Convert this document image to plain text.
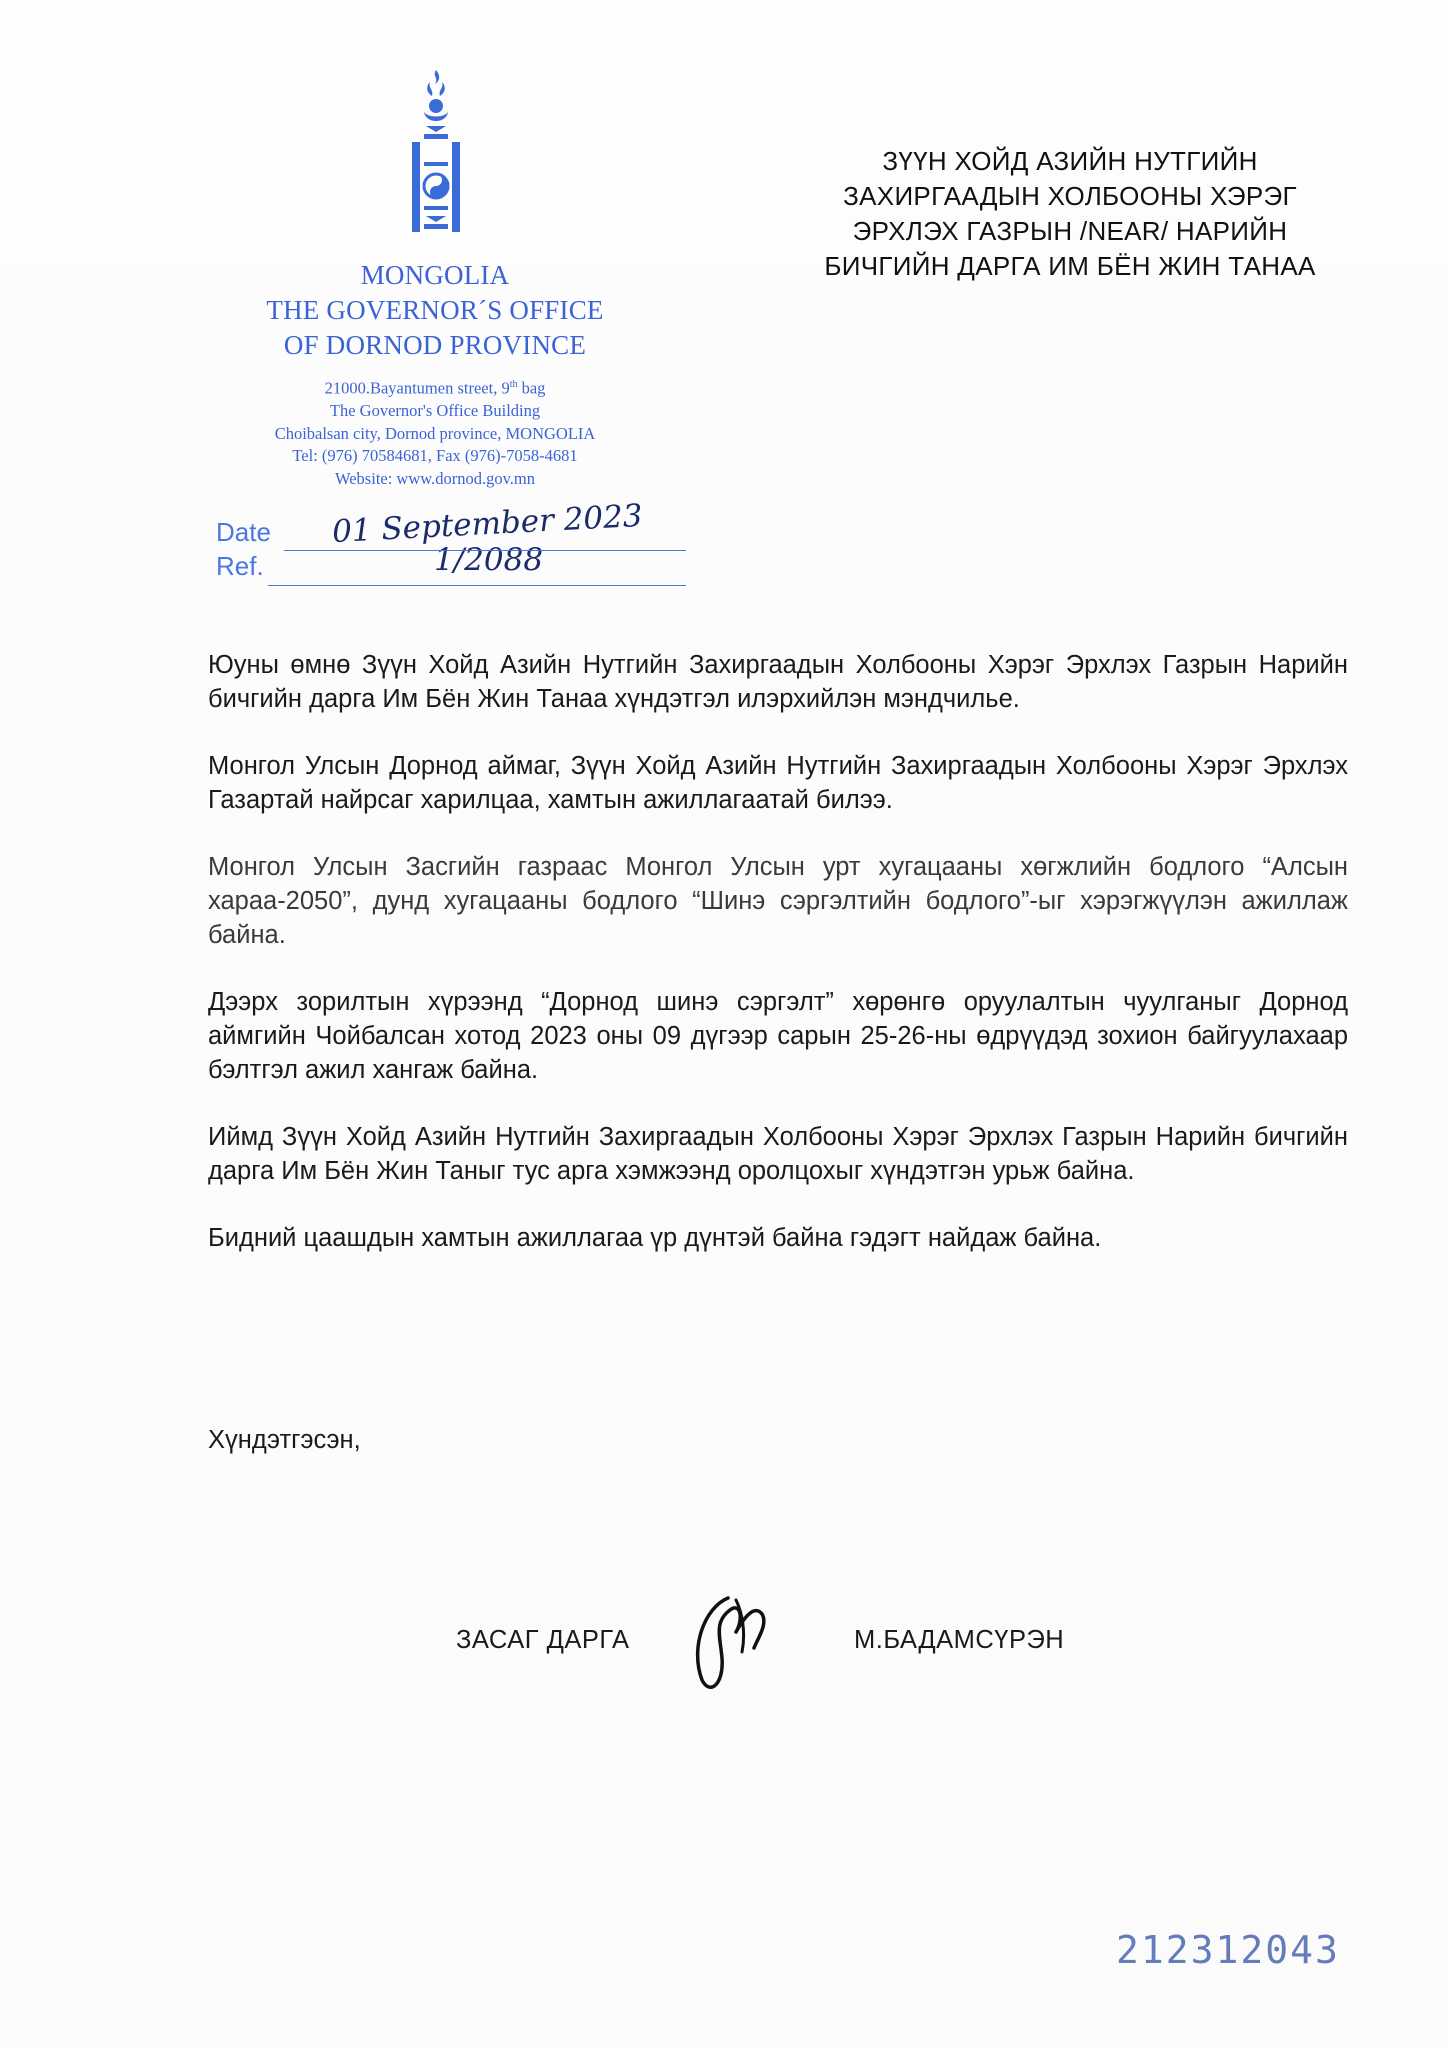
MONGOLIA
THE GOVERNOR´S OFFICE
OF DORNOD PROVINCE
21000.Bayantumen street, 9th bag
The Governor's Office Building
Choibalsan city, Dornod province, MONGOLIA
Tel: (976) 70584681, Fax (976)-7058-4681
Website: www.dornod.gov.mn
ЗҮҮН ХОЙД АЗИЙН НУТГИЙН
ЗАХИРГААДЫН ХОЛБООНЫ ХЭРЭГ
ЭРХЛЭХ ГАЗРЫН /NEAR/ НАРИЙН
БИЧГИЙН ДАРГА ИМ БЁН ЖИН ТАНАА
Date
Ref.
01 September 2023
1/2088

Юуны өмнө Зүүн Хойд Азийн Нутгийн Захиргаадын Холбооны Хэрэг Эрхлэх Газрын Нарийн бичгийн дарга Им Бён Жин Танаа хүндэтгэл илэрхийлэн мэндчилье.

Монгол Улсын Дорнод аймаг, Зүүн Хойд Азийн Нутгийн Захиргаадын Холбооны Хэрэг Эрхлэх Газартай найрсаг харилцаа, хамтын ажиллагаатай билээ.

Монгол Улсын Засгийн газраас Монгол Улсын урт хугацааны хөгжлийн бодлого “Алсын хараа-2050”, дунд хугацааны бодлого “Шинэ сэргэлтийн бодлого”-ыг хэрэгжүүлэн ажиллаж байна.

Дээрх зорилтын хүрээнд “Дорнод шинэ сэргэлт” хөрөнгө оруулалтын чуулганыг Дорнод аймгийн Чойбалсан хотод 2023 оны 09 дүгээр сарын 25-26-ны өдрүүдэд зохион байгуулахаар бэлтгэл ажил хангаж байна.

Иймд Зүүн Хойд Азийн Нутгийн Захиргаадын Холбооны Хэрэг Эрхлэх Газрын Нарийн бичгийн дарга Им Бён Жин Таныг тус арга хэмжээнд оролцохыг хүндэтгэн урьж байна.

Бидний цаашдын хамтын ажиллагаа үр дүнтэй байна гэдэгт найдаж байна.

Хүндэтгэсэн,
ЗАСАГ ДАРГА	М.БАДАМСҮРЭН
212312043
